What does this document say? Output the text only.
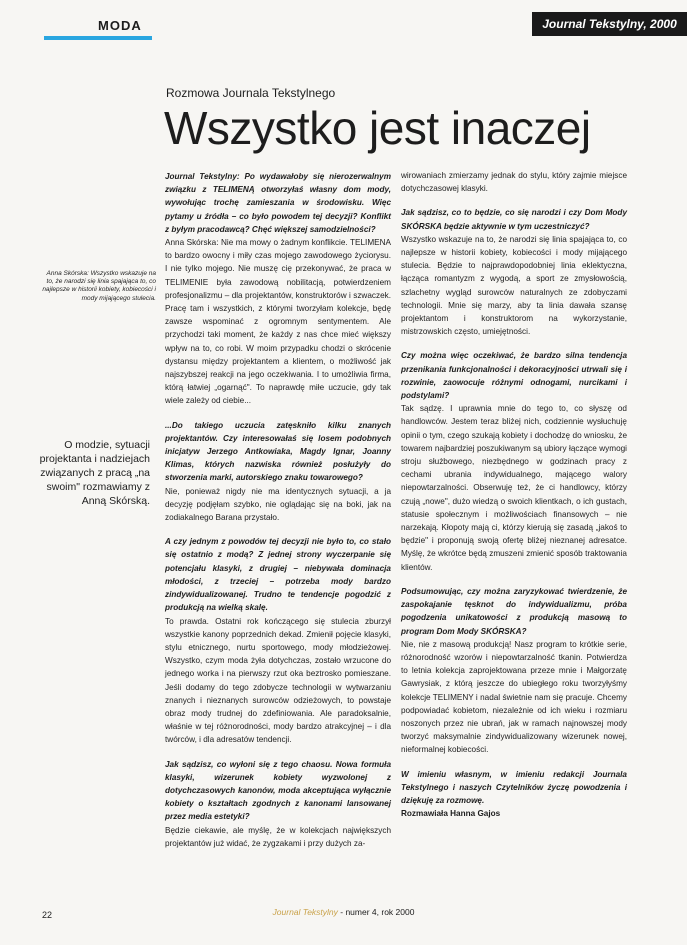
MODA	Journal Tekstylny, 2000
Rozmowa Journala Tekstylnego
Wszystko jest inaczej
Anna Skórska: Wszystko wskazuje na to, że narodzi się linia spajająca to, co najlepsze w historii kobiety, kobiecości i mody mijającego stulecia.
O modzie, sytuacji projektanta i nadziejach związanych z pracą „na swoim" rozmawiamy z Anną Skórską.

Journal Tekstylny: Po wydawałoby się nierozerwalnym związku z TELIMENĄ otworzyłaś własny dom mody, wywołując trochę zamieszania w środowisku. Więc pytamy u źródła – co było powodem tej decyzji? Konflikt z byłym pracodawcą? Chęć większej samodzielności?

Anna Skórska: Nie ma mowy o żadnym konflikcie. TELIMENA to bardzo owocny i miły czas mojego zawodowego życiorysu. I nie tylko mojego. Nie muszę cię przekonywać, że praca w TELIMENIE była zawodową nobilitacją, potwierdzeniem profesjonalizmu – dla projektantów, konstruktorów i szwaczek. Pracę tam i wszystkich, z którymi tworzyłam kolekcje, będę zawsze wspominać z ogromnym sentymentem. Ale przychodzi taki moment, że każdy z nas chce mieć większy wpływ na to, co robi. W moim przypadku chodzi o skrócenie dystansu między projektantem a klientem, o możliwość jak najszybszej reakcji na jego oczekiwania. I to umożliwia firma, którą łatwiej „ogarnąć". To naprawdę miłe uczucie, gdy tak wiele zależy od ciebie...

...Do takiego uczucia zatęskniło kilku znanych projektantów. Czy interesowałaś się losem podobnych inicjatyw Jerzego Antkowiaka, Magdy Ignar, Joanny Klimas, których nazwiska również posłużyły do stworzenia marki, autorskiego znaku towarowego?

Nie, ponieważ nigdy nie ma identycznych sytuacji, a ja decyzję podjęłam szybko, nie oglądając się na boki, jak na zodiakalnego Barana przystało.

A czy jednym z powodów tej decyzji nie było to, co stało się ostatnio z modą? Z jednej strony wyczerpanie się potencjału klasyki, z drugiej – niebywała dominacja młodości, z trzeciej – potrzeba mody bardzo zindywidualizowanej. Trudno te tendencje pogodzić z produkcją na wielką skalę.

To prawda. Ostatni rok kończącego się stulecia zburzył wszystkie kanony poprzednich dekad. Zmienił pojęcie klasyki, stylu etnicznego, nurtu sportowego, mody młodzieżowej. Wszystko, czym moda żyła dotychczas, zostało wrzucone do jednego worka i na pierwszy rzut oka beztrosko pomieszane. Jeśli dodamy do tego zdobycze technologii w wytwarzaniu znanych i nieznanych surowców odzieżowych, to powstaje obraz mody trudnej do zdefiniowania. Ale paradoksalnie, właśnie w tej różnorodności, mody bardzo atrakcyjnej – i dla twórców, i dla adresatów tendencji.

Jak sądzisz, co wyłoni się z tego chaosu. Nowa formuła klasyki, wizerunek kobiety wyzwolonej z dotychczasowych kanonów, moda akceptująca wyłącznie kobiety o kształtach zgodnych z kanonami lansowanej przez media estetyki?

Będzie ciekawie, ale myślę, że w kolekcjach największych projektantów już widać, że zygzakami i przy dużych za-

wirowaniach zmierzamy jednak do stylu, który zajmie miejsce dotychczasowej klasyki.

Jak sądzisz, co to będzie, co się narodzi i czy Dom Mody SKÓRSKA będzie aktywnie w tym uczestniczyć?

Wszystko wskazuje na to, że narodzi się linia spajająca to, co najlepsze w historii kobiety, kobiecości i mody mijającego stulecia. Będzie to najprawdopodobniej linia eklektyczna, łącząca romantyzm z wygodą, a sport ze zmysłowością, szlachetny wygląd surowców naturalnych ze zdobyczami technologii. Mnie się marzy, aby ta linia dawała szansę projektantom i konstruktorom na wykorzystanie, mistrzowskich często, umiejętności.

Czy można więc oczekiwać, że bardzo silna tendencja przenikania funkcjonalności i dekoracyjności utrwali się i rozwinie, zaowocuje różnymi odnogami, nurcikami i podstylami?

Tak sądzę. I uprawnia mnie do tego to, co słyszę od handlowców. Jestem teraz bliżej nich, codziennie wysłuchuję opinii o tym, czego szukają kobiety i dochodzę do wniosku, że towarem najbardziej poszukiwanym są ubiory łączące wymogi stroju służbowego, niezbędnego w godzinach pracy z cechami ubrania indywidualnego, mającego walory niepowtarzalności. Obserwuję też, że ci handlowcy, którzy czują „nowe", dużo wiedzą o swoich klientkach, o ich gustach, statusie społecznym i możliwościach finansowych – nie narzekają. Kłopoty mają ci, którzy kierują się zasadą „jakoś to będzie" i proponują swoją ofertę bliżej nieznanej adresatce. Myślę, że wkrótce będą zmuszeni zmienić sposób traktowania klientów.

Podsumowując, czy można zaryzykować twierdzenie, że zaspokajanie tęsknot do indywidualizmu, próba pogodzenia unikatowości z produkcją masową to program Dom Mody SKÓRSKA?

Nie, nie z masową produkcją! Nasz program to krótkie serie, różnorodność wzorów i niepowtarzalność tkanin. Potwierdza to letnia kolekcja zaprojektowana przeze mnie i Małgorzatę Gawrysiak, z którą jeszcze do ubiegłego roku tworzyłyśmy kolekcje TELIMENY i nadal świetnie nam się pracuje. Chcemy podpowiadać kobietom, niezależnie od ich wieku i rozmiaru noszonych przez nie ubrań, jak w ramach najnowszej mody tworzyć maksymalnie zindywidualizowany wizerunek nowej, nieformalnej kobiecości.

W imieniu własnym, w imieniu redakcji Journala Tekstylnego i naszych Czytelników życzę powodzenia i dziękuję za rozmowę.

Rozmawiała Hanna Gajos

22	Journal Tekstylny - numer 4, rok 2000
